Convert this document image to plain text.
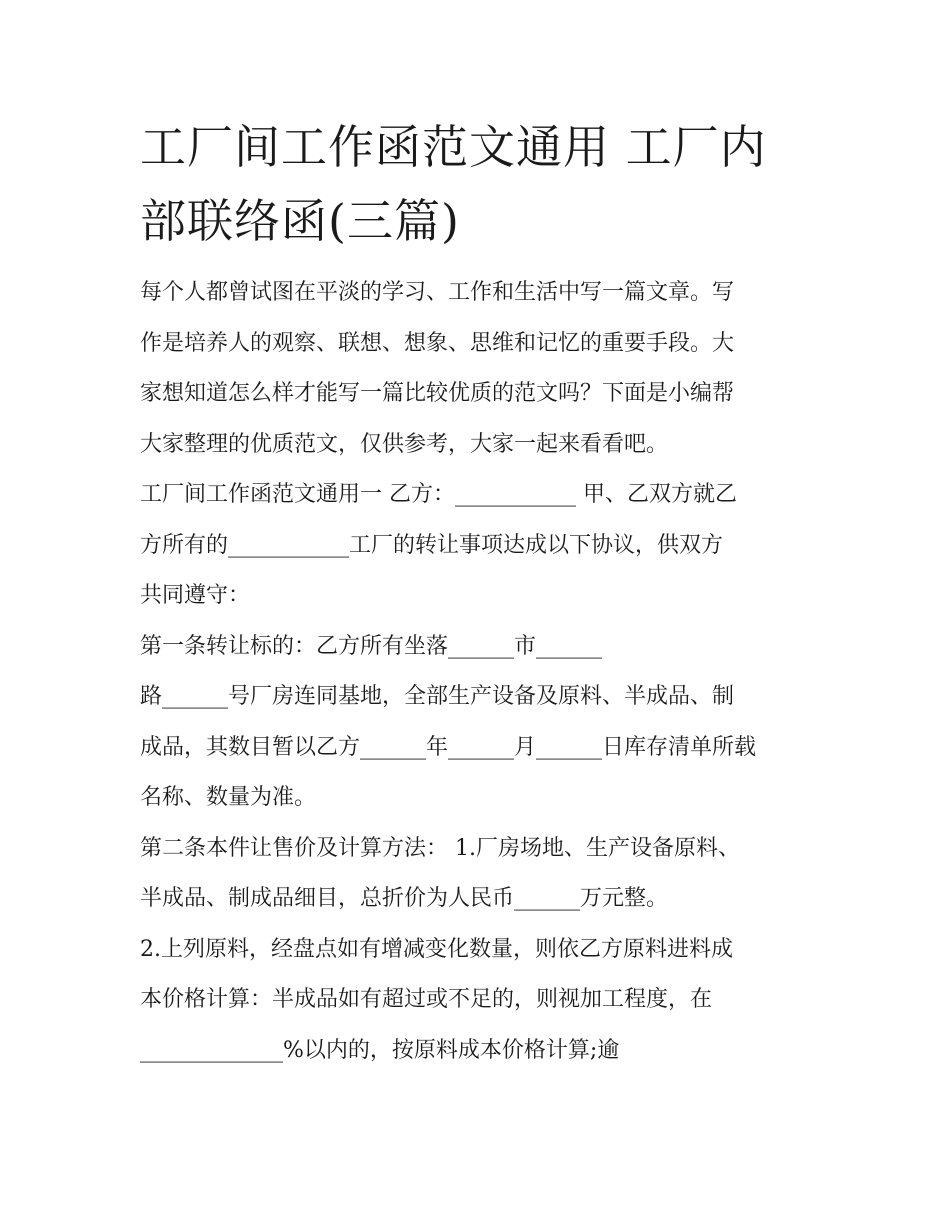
工厂间工作函范文通用 工厂内
部联络函(三篇)

每个人都曾试图在平淡的学习、工作和生活中写一篇文章。写
作是培养人的观察、联想、想象、思维和记忆的重要手段。大
家想知道怎么样才能写一篇比较优质的范文吗？下面是小编帮
大家整理的优质范文，仅供参考，大家一起来看看吧。

工厂间工作函范文通用一 乙方：___________ 甲、乙双方就乙
方所有的___________工厂的转让事项达成以下协议，供双方
共同遵守：

第一条转让标的：乙方所有坐落______市______
路______号厂房连同基地，全部生产设备及原料、半成品、制
成品，其数目暂以乙方______年______月______日库存清单所载
名称、数量为准。

第二条本件让售价及计算方法： 1.厂房场地、生产设备原料、
半成品、制成品细目，总折价为人民币______万元整。

2.上列原料，经盘点如有增减变化数量，则依乙方原料进料成
本价格计算：半成品如有超过或不足的，则视加工程度，在
_____________%以内的，按原料成本价格计算;逾
